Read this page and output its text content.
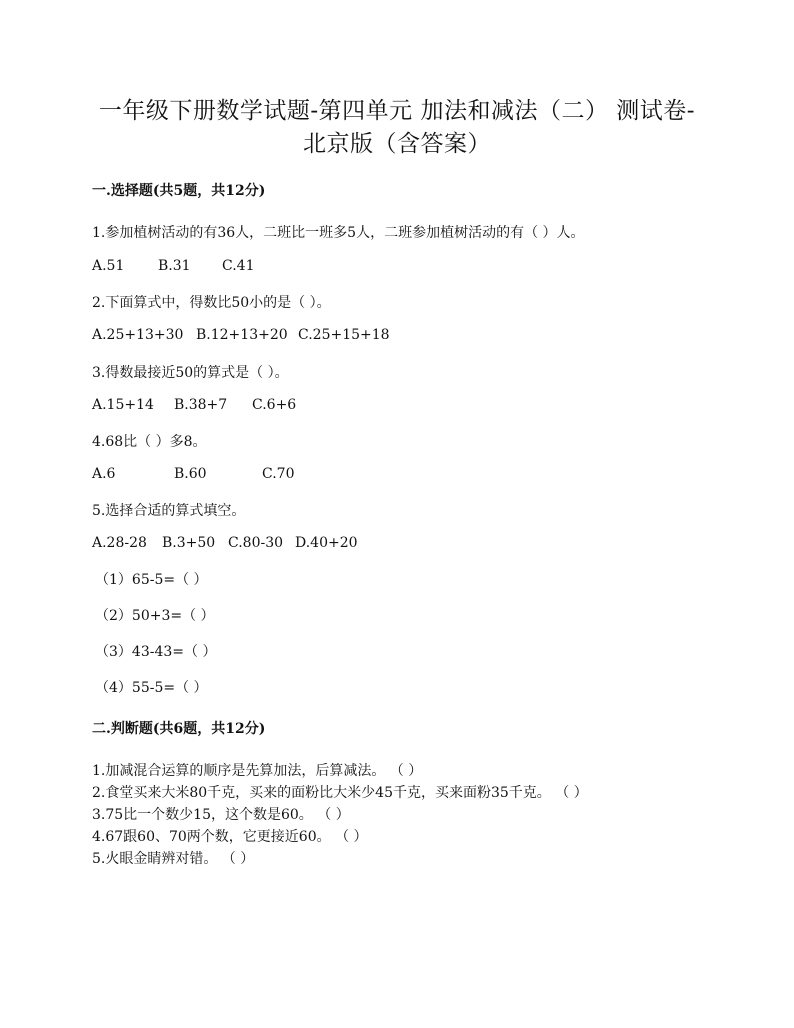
一年级下册数学试题-第四单元 加法和减法（二） 测试卷-
北京版（含答案）
一.选择题(共5题，共12分)
1.参加植树活动的有36人，二班比一班多5人，二班参加植树活动的有（ ）人。
A.51 B.31 C.41
2.下面算式中，得数比50小的是（ ）。
A.25+13+30 B.12+13+20 C.25+15+18
3.得数最接近50的算式是（ ）。
A.15+14 B.38+7 C.6+6
4.68比（ ）多8。
A.6	B.60	C.70
5.选择合适的算式填空。
A.28-28 B.3+50 C.80-30 D.40+20
（1）65-5=（ ）
（2）50+3=（ ）
（3）43-43=（ ）
（4）55-5=（ ）
二.判断题(共6题，共12分)
1.加减混合运算的顺序是先算加法，后算减法。 （ ）
2.食堂买来大米80千克，买来的面粉比大米少45千克，买来面粉35千克。 （ ）
3.75比一个数少15，这个数是60。 （ ）
4.67跟60、70两个数，它更接近60。 （ ）
5.火眼金睛辨对错。 （ ）
